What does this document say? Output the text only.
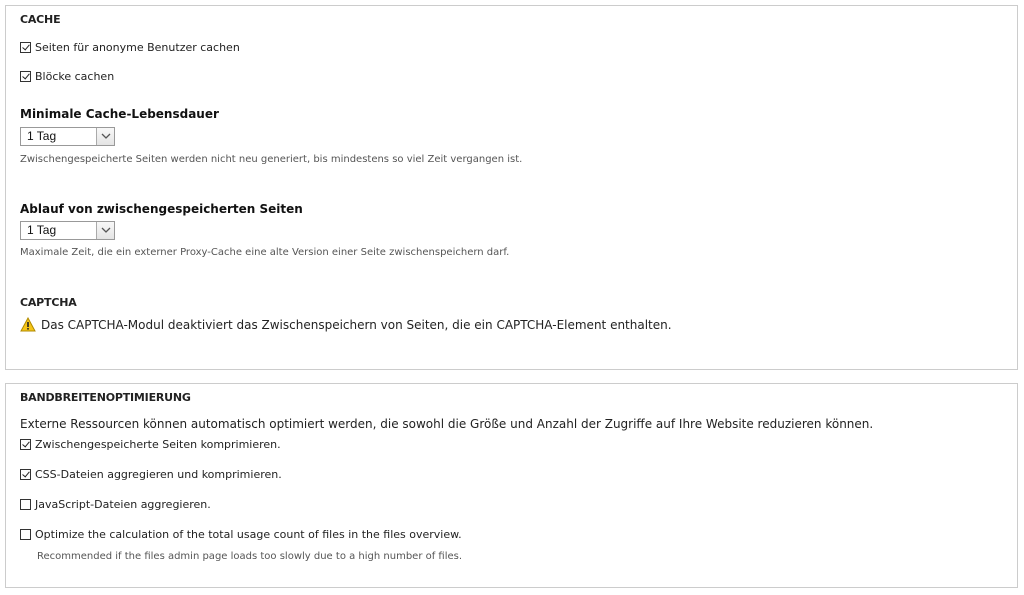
CACHE
Seiten für anonyme Benutzer cachen
Blöcke cachen
Minimale Cache-Lebensdauer
1 Tag
Zwischengespeicherte Seiten werden nicht neu generiert, bis mindestens so viel Zeit vergangen ist.
Ablauf von zwischengespeicherten Seiten
1 Tag
Maximale Zeit, die ein externer Proxy-Cache eine alte Version einer Seite zwischenspeichern darf.
CAPTCHA
Das CAPTCHA-Modul deaktiviert das Zwischenspeichern von Seiten, die ein CAPTCHA-Element enthalten.
BANDBREITENOPTIMIERUNG
Externe Ressourcen können automatisch optimiert werden, die sowohl die Größe und Anzahl der Zugriffe auf Ihre Website reduzieren können.
Zwischengespeicherte Seiten komprimieren.
CSS-Dateien aggregieren und komprimieren.
JavaScript-Dateien aggregieren.
Optimize the calculation of the total usage count of files in the files overview.
Recommended if the files admin page loads too slowly due to a high number of files.
